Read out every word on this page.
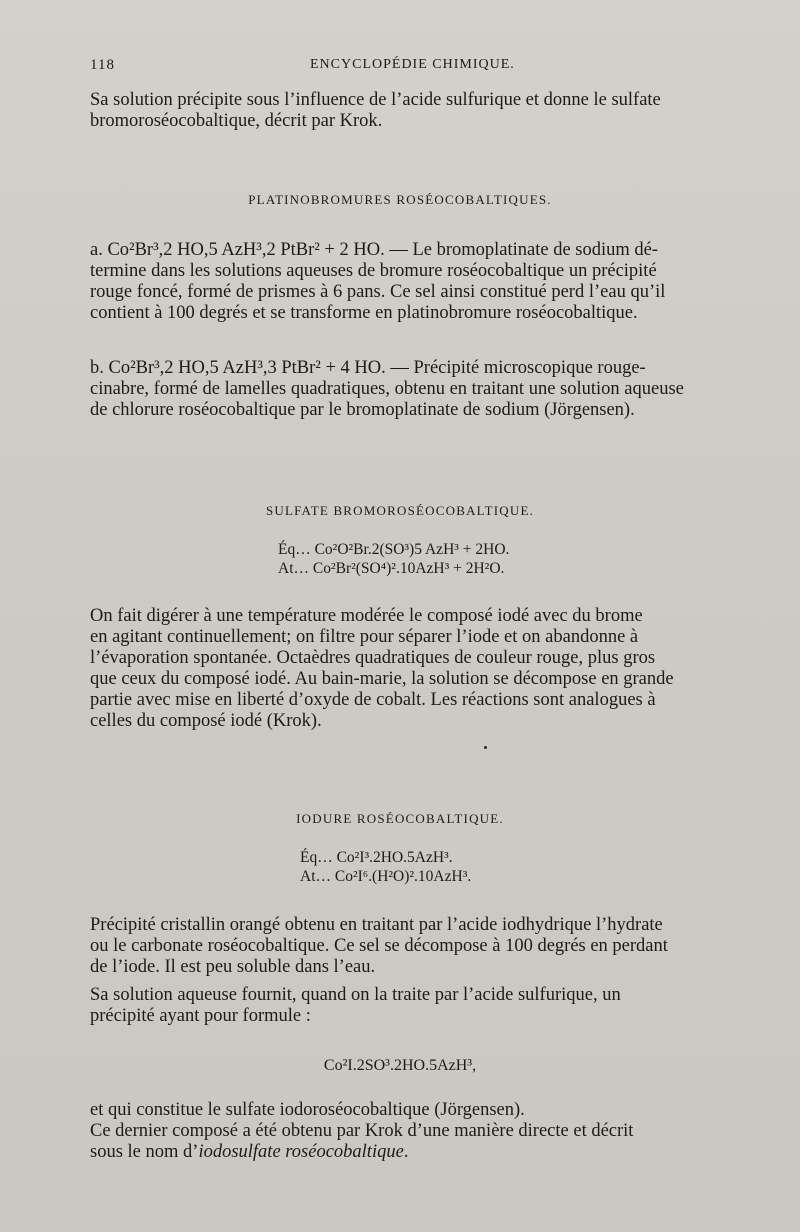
118	ENCYCLOPÉDIE CHIMIQUE.
Sa solution précipite sous l’influence de l’acide sulfurique et donne le sulfate
bromoroséocobaltique, décrit par Krok.
PLATINOBROMURES ROSÉOCOBALTIQUES.
a. Co²Br³,2 HO,5 AzH³,2 PtBr² + 2 HO. — Le bromoplatinate de sodium dé-
termine dans les solutions aqueuses de bromure roséocobaltique un précipité
rouge foncé, formé de prismes à 6 pans. Ce sel ainsi constitué perd l’eau qu’il
contient à 100 degrés et se transforme en platinobromure roséocobaltique.
b. Co²Br³,2 HO,5 AzH³,3 PtBr² + 4 HO. — Précipité microscopique rouge-
cinabre, formé de lamelles quadratiques, obtenu en traitant une solution aqueuse
de chlorure roséocobaltique par le bromoplatinate de sodium (Jörgensen).
SULFATE BROMOROSÉOCOBALTIQUE.
Éq… Co²O²Br.2(SO³)5 AzH³ + 2HO.
At… Co²Br²(SO⁴)².10AzH³ + 2H²O.
On fait digérer à une température modérée le composé iodé avec du brome
en agitant continuellement; on filtre pour séparer l’iode et on abandonne à
l’évaporation spontanée. Octaèdres quadratiques de couleur rouge, plus gros
que ceux du composé iodé. Au bain-marie, la solution se décompose en grande
partie avec mise en liberté d’oxyde de cobalt. Les réactions sont analogues à
celles du composé iodé (Krok).
IODURE ROSÉOCOBALTIQUE.
Éq… Co²I³.2HO.5AzH³.
At… Co²I⁶.(H²O)².10AzH³.
Précipité cristallin orangé obtenu en traitant par l’acide iodhydrique l’hydrate
ou le carbonate roséocobaltique. Ce sel se décompose à 100 degrés en perdant
de l’iode. Il est peu soluble dans l’eau.
Sa solution aqueuse fournit, quand on la traite par l’acide sulfurique, un
précipité ayant pour formule :
Co²I.2SO³.2HO.5AzH³,
et qui constitue le sulfate iodoroséocobaltique (Jörgensen).
Ce dernier composé a été obtenu par Krok d’une manière directe et décrit
sous le nom d’iodosulfate roséocobaltique.
